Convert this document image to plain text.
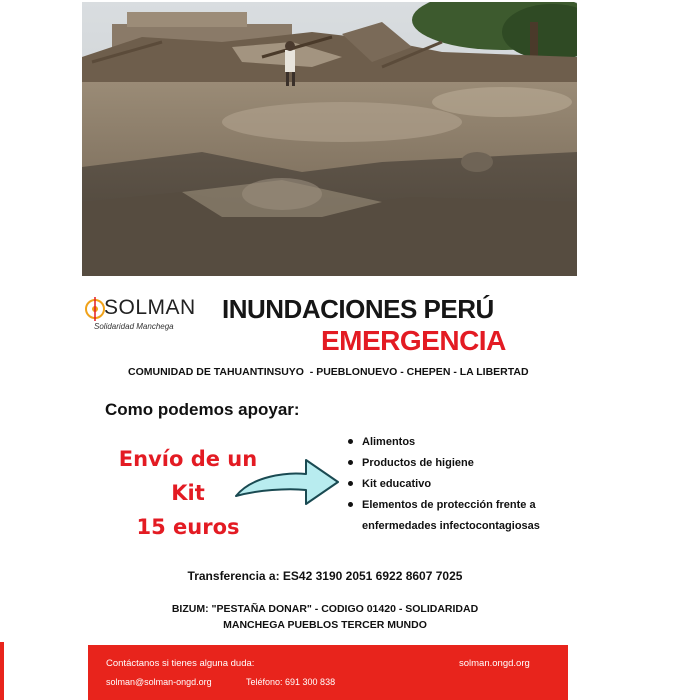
SOLMAN
Solidaridad Manchega
INUNDACIONES PERÚ
EMERGENCIA
COMUNIDAD DE TAHUANTINSUYO  - PUEBLONUEVO - CHEPEN - LA LIBERTAD
Como podemos apoyar:
Envío de un
Kit
15 euros
Alimentos
Productos de higiene
Kit educativo
Elementos de protección frente a
enfermedades infectocontagiosas
Transferencia a: ES42 3190 2051 6922 8607 7025
BIZUM: "PESTAÑA DONAR" - CODIGO 01420 - SOLIDARIDAD
MANCHEGA PUEBLOS TERCER MUNDO
Contáctanos si tienes alguna duda:	solman.ongd.org
solman@solman-ongd.org	Teléfono: 691 300 838
